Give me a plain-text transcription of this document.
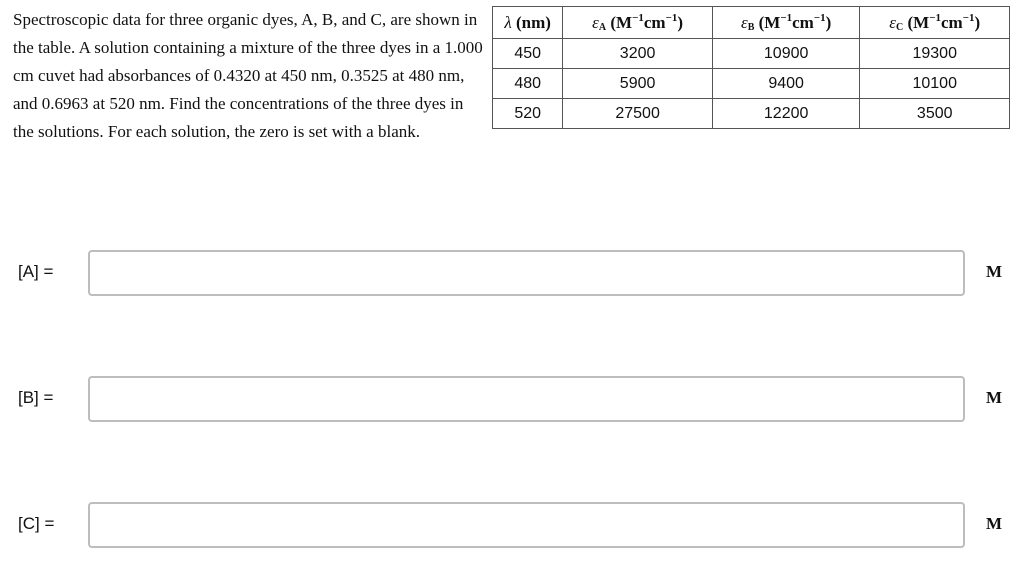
Spectroscopic data for three organic dyes, A, B, and C, are shown in the table. A solution containing a mixture of the three dyes in a 1.000 cm cuvet had absorbances of 0.4320 at 450 nm, 0.3525 at 480 nm, and 0.6963 at 520 nm. Find the concentrations of the three dyes in the solutions. For each solution, the zero is set with a blank.
λ (nm)	$\varepsilon_A$ $(M^{-1}cm^{-1})$	$\varepsilon_B$ $(M^{-1}cm^{-1})$	$\varepsilon_C$ $(M^{-1}cm^{-1})$
450	3200	10900	19300
480	5900	9400	10100
520	27500	12200	3500
[A] =	M
[B] =	M
[C] =	M
